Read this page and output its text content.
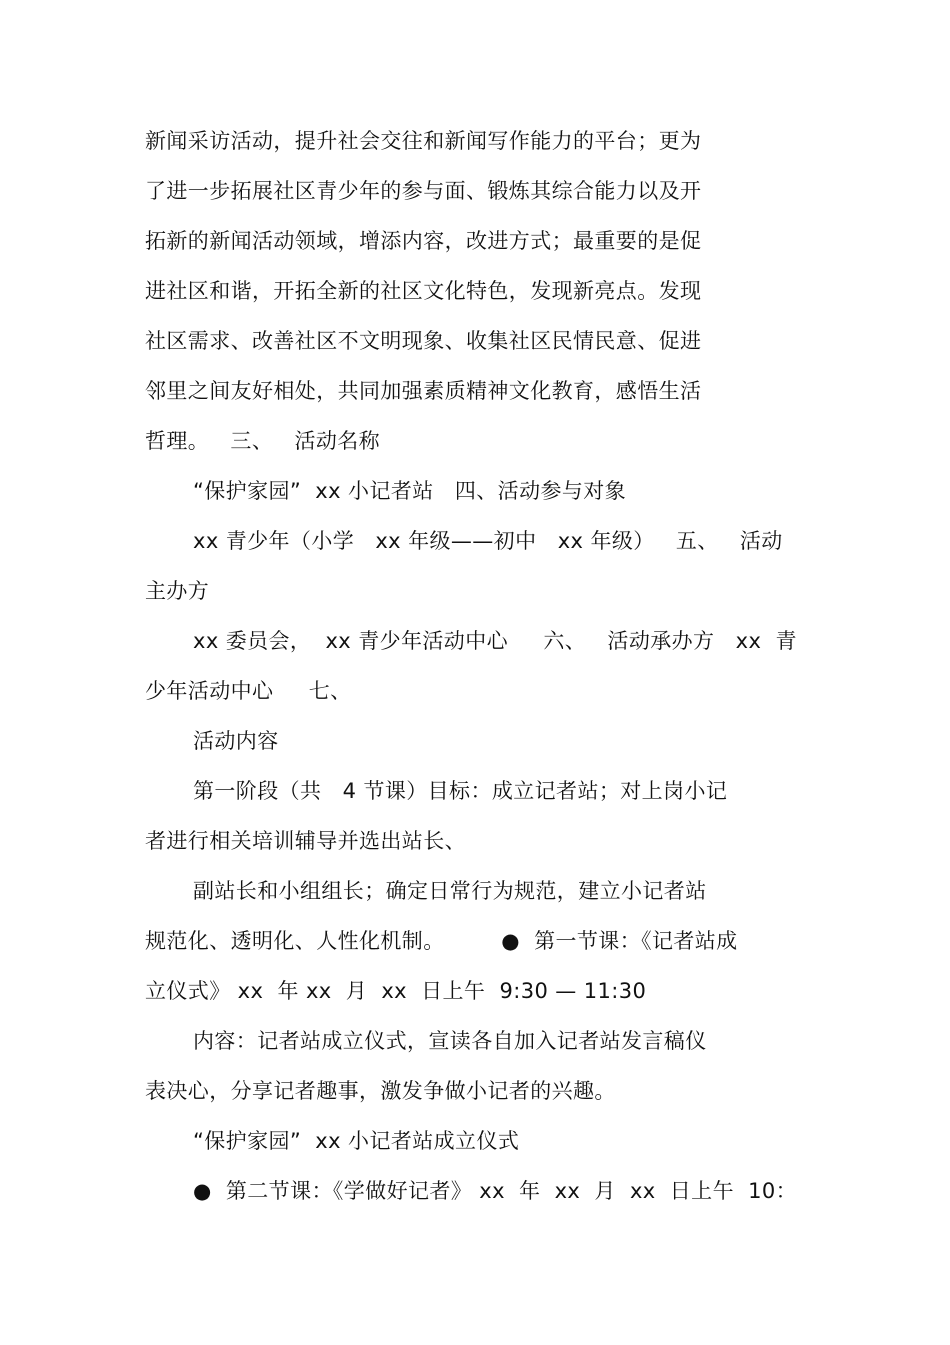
新闻采访活动，提升社会交往和新闻写作能力的平台；更为
了进一步拓展社区青少年的参与面、锻炼其综合能力以及开
拓新的新闻活动领域，增添内容，改进方式；最重要的是促
进社区和谐，开拓全新的社区文化特色，发现新亮点。发现
社区需求、改善社区不文明现象、收集社区民情民意、促进
邻里之间友好相处，共同加强素质精神文化教育，感悟生活
哲理。   三、   活动名称
“保护家园”  xx 小记者站   四、活动参与对象
xx 青少年（小学   xx 年级——初中   xx 年级）   五、   活动
主办方
xx 委员会，  xx 青少年活动中心     六、   活动承办方   xx  青
少年活动中心     七、
活动内容
第一阶段（共   4 节课）目标：成立记者站；对上岗小记
者进行相关培训辅导并选出站长、
副站长和小组组长；确定日常行为规范，建立小记者站
规范化、透明化、人性化机制。        ●  第一节课：《记者站成
立仪式》 xx  年 xx  月  xx  日上午  9:30 — 11:30
内容：记者站成立仪式，宣读各自加入记者站发言稿仪
表决心，分享记者趣事，激发争做小记者的兴趣。
“保护家园”  xx 小记者站成立仪式
●  第二节课：《学做好记者》 xx  年  xx  月  xx  日上午  10：
